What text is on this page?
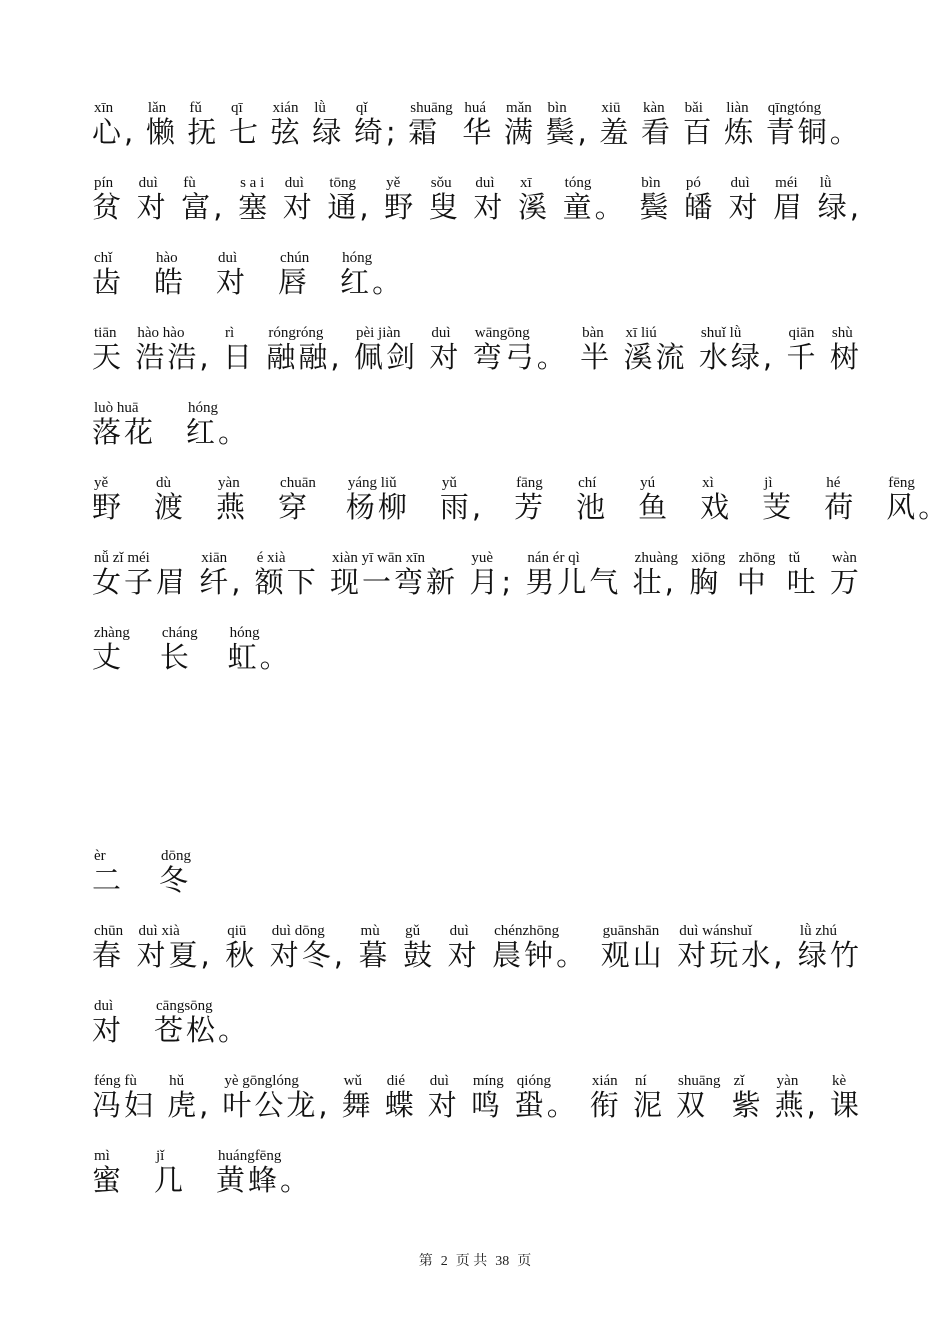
xīn
心,
lǎn
懒
fǔ
抚
qī
七
xián
弦
lǜ
绿
qǐ
绮;
shuāng
霜
huá
华
mǎn
满
bìn
鬓,
xiū
羞
kàn
看
bǎi
百
liàn
炼
qīngtóng
青铜。
pín
贫
duì
对
fù
富,
s a i
塞
duì
对
tōng
通,
yě
野
sǒu
叟
duì
对
xī
溪
tóng
童。
bìn
鬓
pó
皤
duì
对
méi
眉
lǜ
绿,
chǐ
齿
hào
皓
duì
对
chún
唇
hóng
红。
tiān
天
hào hào
浩浩,
rì
日
róngróng
融融,
pèi jiàn
佩剑
duì
对
wāngōng
弯弓。
bàn
半
xī liú
溪流
shuǐ lǜ
水绿,
qiān
千
shù
树
luò huā
落花
hóng
红。
yě
野
dù
渡
yàn
燕
chuān
穿
yáng liǔ
杨柳
yǔ
雨,
fāng
芳
chí
池
yú
鱼
xì
戏
jì
芰
hé
荷
fēng
风。
nǚ zǐ méi
女子眉
xiān
纤,
é xià
额下
xiàn yī wān xīn
现一弯新
yuè
月;
nán ér qì
男儿气
zhuàng
壮,
xiōng
胸
zhōng
中
tǔ
吐
wàn
万
zhàng
丈
cháng
长
hóng
虹。
èr
二
dōng
冬
chūn
春
duì xià
对夏,
qiū
秋
duì dōng
对冬,
mù
暮
gǔ
鼓
duì
对
chénzhōng
晨钟。
guānshān
观山
duì wánshuǐ
对玩水,
lǜ zhú
绿竹
duì
对
cāngsōng
苍松。
féng fù
冯妇
hǔ
虎,
yè gōnglóng
叶公龙,
wǔ
舞
dié
蝶
duì
对
míng
鸣
qióng
蛩。
xián
衔
ní
泥
shuāng
双
zǐ
紫
yàn
燕,
kè
课
mì
蜜
jǐ
几
huángfēng
黄蜂。
第 2 页 共 38 页
